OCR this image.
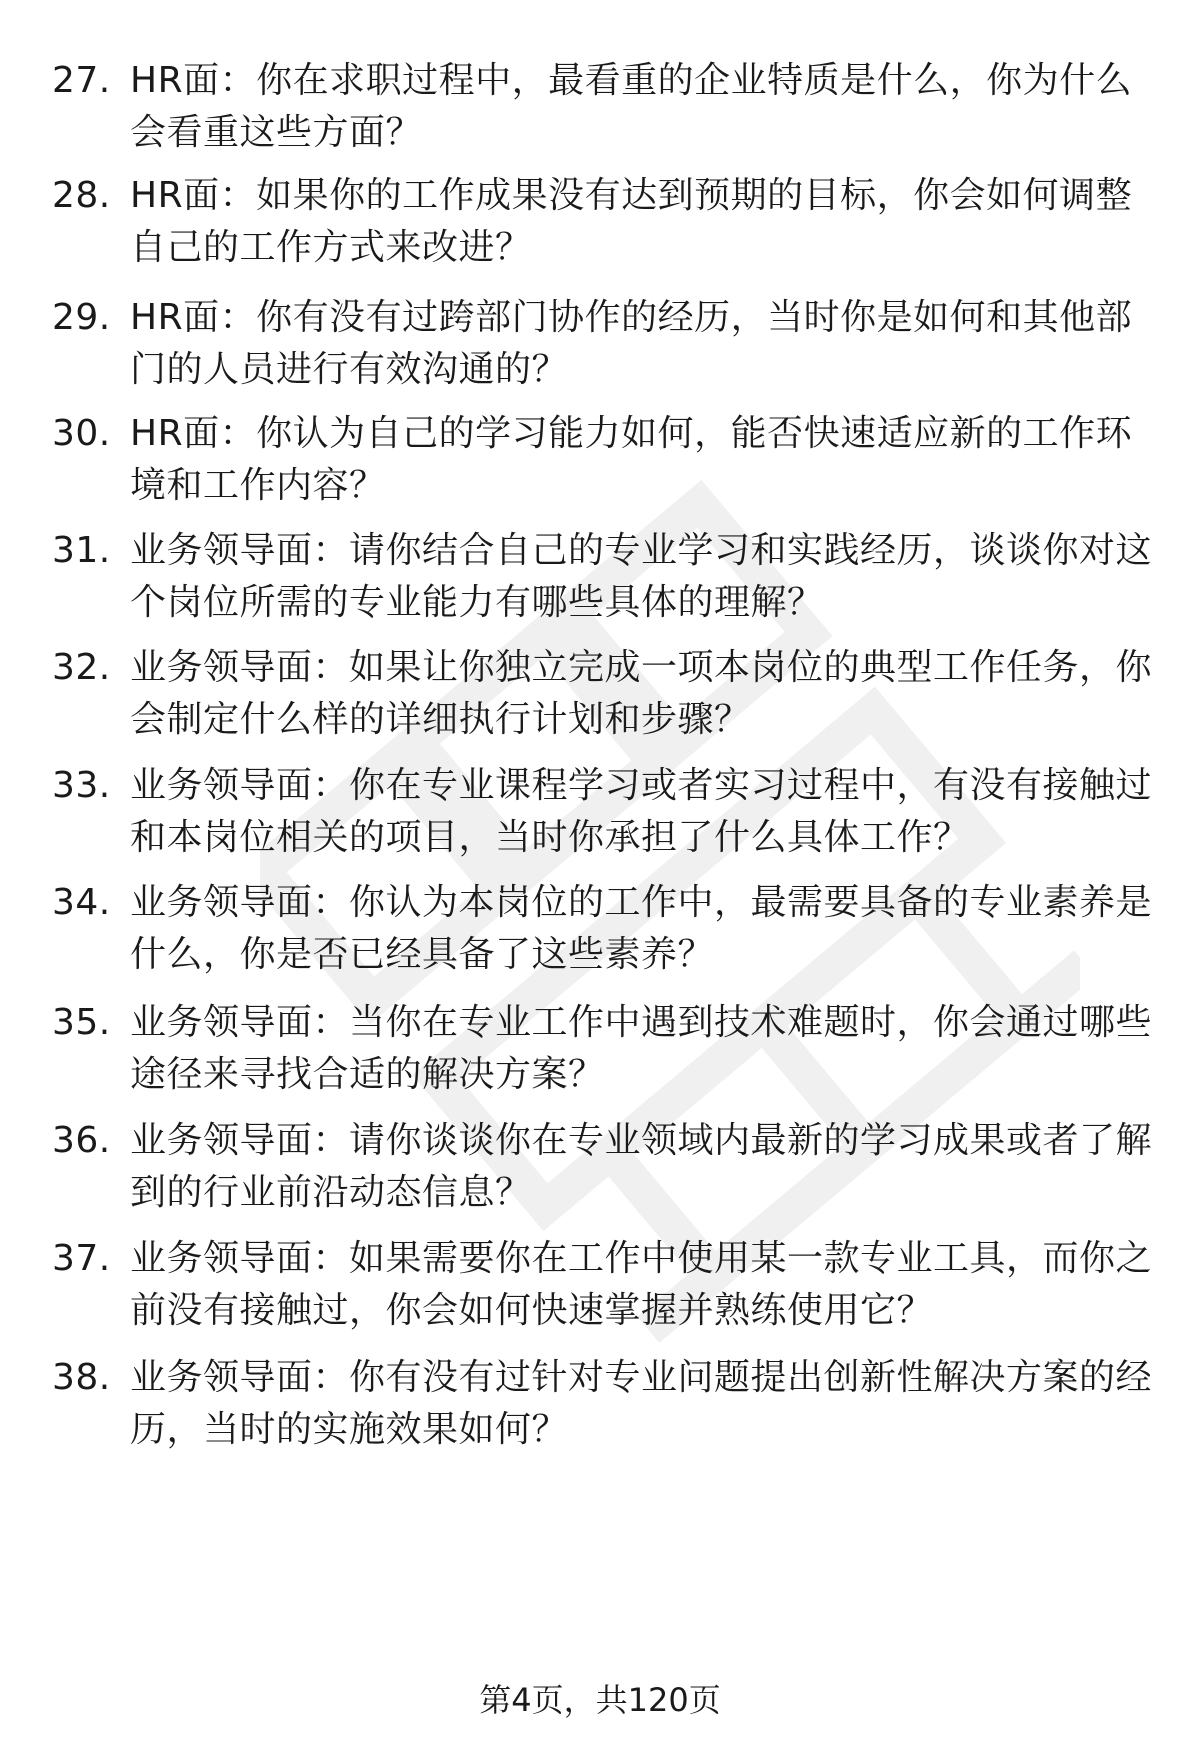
27. HR面：你在求职过程中，最看重的企业特质是什么，你为什么会看重这些方面？
28. HR面：如果你的工作成果没有达到预期的目标，你会如何调整自己的工作方式来改进？
29. HR面：你有没有过跨部门协作的经历，当时你是如何和其他部门的人员进行有效沟通的？
30. HR面：你认为自己的学习能力如何，能否快速适应新的工作环境和工作内容？
31. 业务领导面：请你结合自己的专业学习和实践经历，谈谈你对这个岗位所需的专业能力有哪些具体的理解？
32. 业务领导面：如果让你独立完成一项本岗位的典型工作任务，你会制定什么样的详细执行计划和步骤？
33. 业务领导面：你在专业课程学习或者实习过程中，有没有接触过和本岗位相关的项目，当时你承担了什么具体工作？
34. 业务领导面：你认为本岗位的工作中，最需要具备的专业素养是什么，你是否已经具备了这些素养？
35. 业务领导面：当你在专业工作中遇到技术难题时，你会通过哪些途径来寻找合适的解决方案？
36. 业务领导面：请你谈谈你在专业领域内最新的学习成果或者了解到的行业前沿动态信息？
37. 业务领导面：如果需要你在工作中使用某一款专业工具，而你之前没有接触过，你会如何快速掌握并熟练使用它？
38. 业务领导面：你有没有过针对专业问题提出创新性解决方案的经历，当时的实施效果如何？
第4页，共120页
